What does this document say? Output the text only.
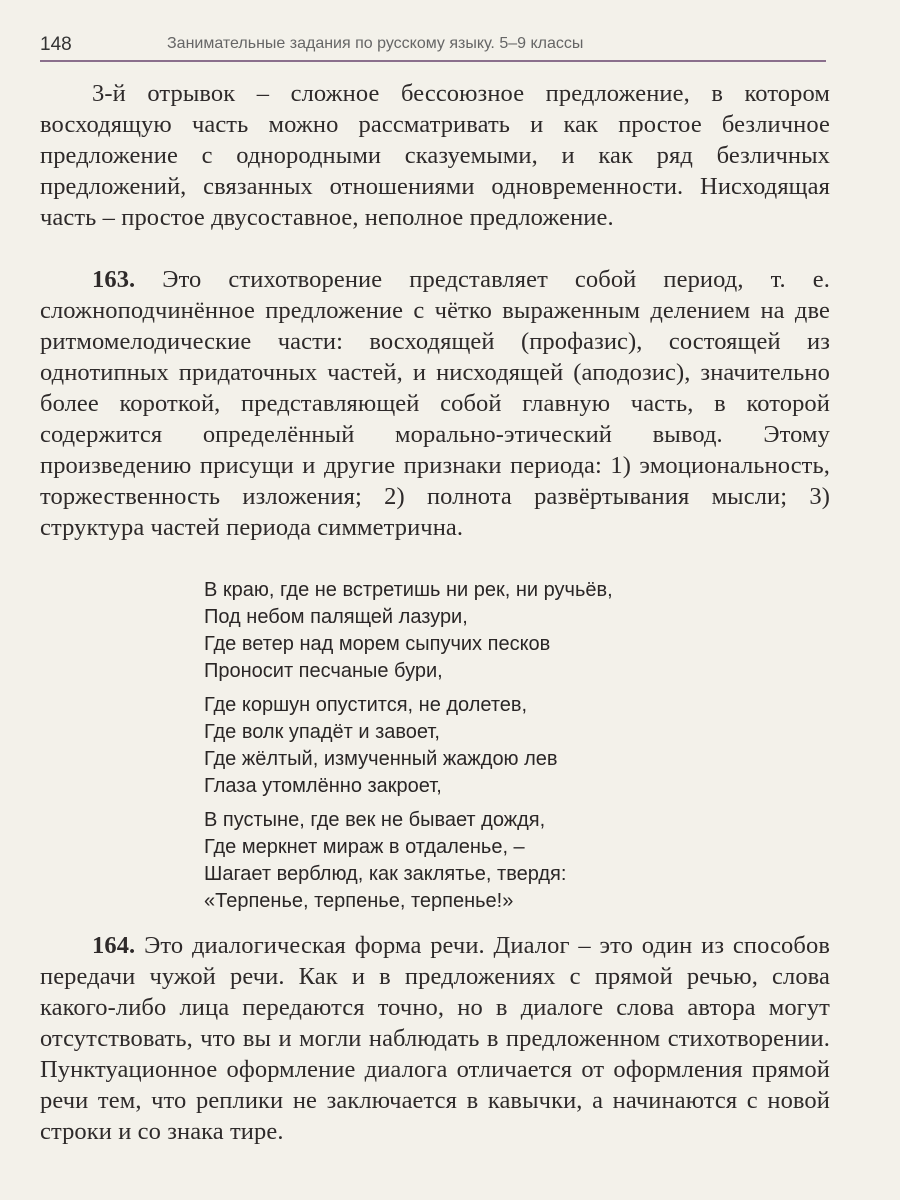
148	Занимательные задания по русскому языку. 5–9 классы

3-й отрывок – сложное бессоюзное предложение, в котором восходящую часть можно рассматривать и как простое безличное предложение с однородными сказуемыми, и как ряд безличных предложений, связанных отношениями одновременности. Нисходящая часть – простое двусоставное, неполное предложение.

163. Это стихотворение представляет собой период, т. е. сложноподчинённое предложение с чётко выраженным делением на две ритмомелодические части: восходящей (профазис), состоящей из однотипных придаточных частей, и нисходящей (аподозис), значительно более короткой, представляющей собой главную часть, в которой содержится определённый морально-этический вывод. Этому произведению присущи и другие признаки периода: 1) эмоциональность, торжественность изложения; 2) полнота развёртывания мысли; 3) структура частей периода симметрична.

В краю, где не встретишь ни рек, ни ручьёв,
Под небом палящей лазури,
Где ветер над морем сыпучих песков
Проносит песчаные бури,
Где коршун опустится, не долетев,
Где волк упадёт и завоет,
Где жёлтый, измученный жаждою лев
Глаза утомлённо закроет,
В пустыне, где век не бывает дождя,
Где меркнет мираж в отдаленье, –
Шагает верблюд, как заклятье, твердя:
«Терпенье, терпенье, терпенье!»

164. Это диалогическая форма речи. Диалог – это один из способов передачи чужой речи. Как и в предложениях с прямой речью, слова какого-либо лица передаются точно, но в диалоге слова автора могут отсутствовать, что вы и могли наблюдать в предложенном стихотворении. Пунктуационное оформление диалога отличается от оформления прямой речи тем, что реплики не заключается в кавычки, а начинаются с новой строки и со знака тире.
